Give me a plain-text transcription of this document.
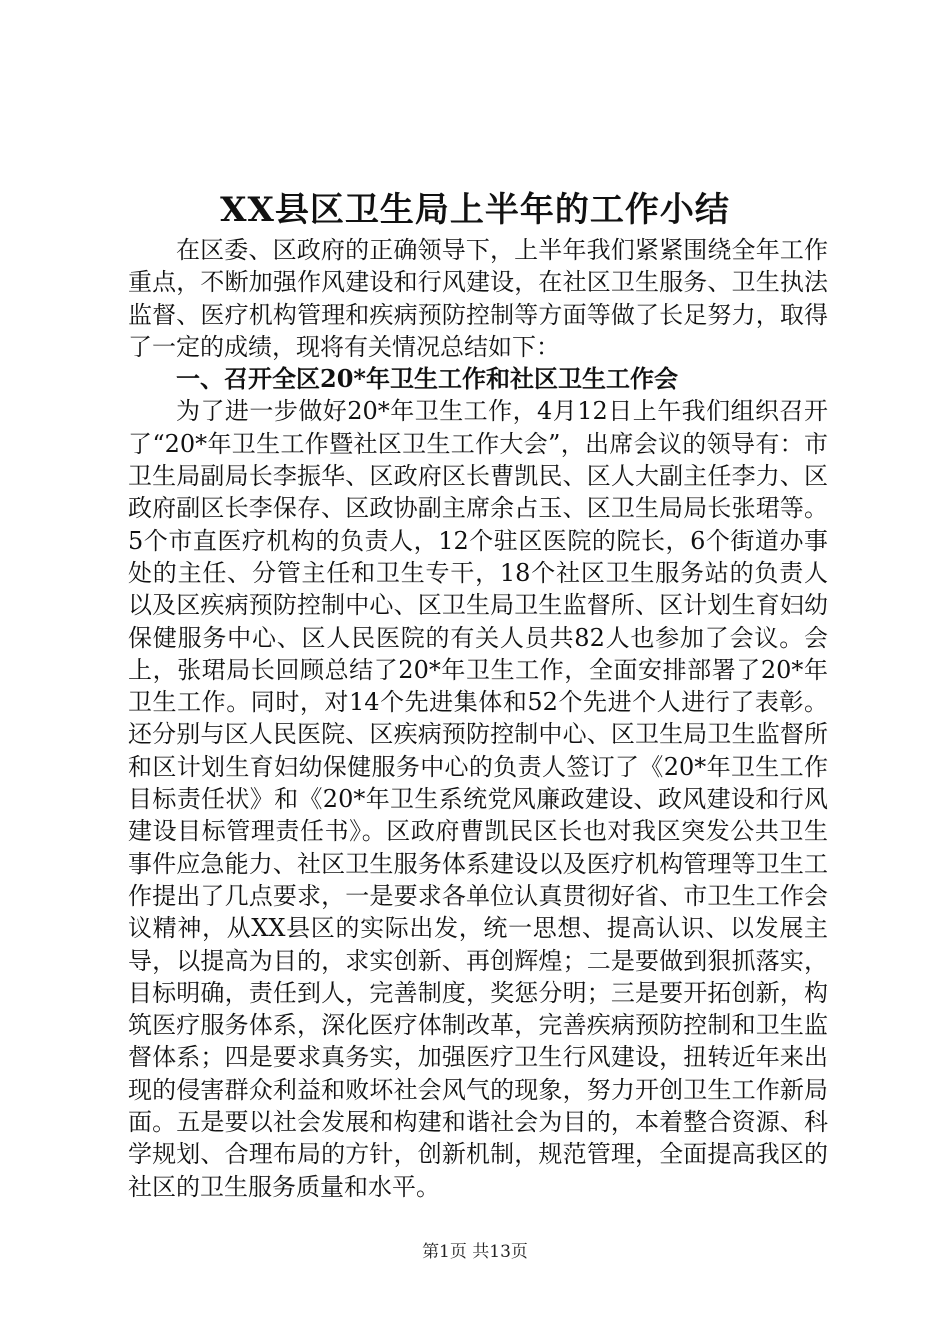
XX县区卫生局上半年的工作小结

在区委、区政府的正确领导下，上半年我们紧紧围绕全年工作重点，不断加强作风建设和行风建设，在社区卫生服务、卫生执法监督、医疗机构管理和疾病预防控制等方面等做了长足努力，取得了一定的成绩，现将有关情况总结如下：

一、召开全区20*年卫生工作和社区卫生工作会

为了进一步做好20*年卫生工作，4月12日上午我们组织召开了“20*年卫生工作暨社区卫生工作大会”，出席会议的领导有：市卫生局副局长李振华、区政府区长曹凯民、区人大副主任李力、区政府副区长李保存、区政协副主席余占玉、区卫生局局长张珺等。5个市直医疗机构的负责人，12个驻区医院的院长，6个街道办事处的主任、分管主任和卫生专干，18个社区卫生服务站的负责人以及区疾病预防控制中心、区卫生局卫生监督所、区计划生育妇幼保健服务中心、区人民医院的有关人员共82人也参加了会议。会上，张珺局长回顾总结了20*年卫生工作，全面安排部署了20*年卫生工作。同时，对14个先进集体和52个先进个人进行了表彰。还分别与区人民医院、区疾病预防控制中心、区卫生局卫生监督所和区计划生育妇幼保健服务中心的负责人签订了《20*年卫生工作目标责任状》和《20*年卫生系统党风廉政建设、政风建设和行风建设目标管理责任书》。区政府曹凯民区长也对我区突发公共卫生事件应急能力、社区卫生服务体系建设以及医疗机构管理等卫生工作提出了几点要求，一是要求各单位认真贯彻好省、市卫生工作会议精神，从XX县区的实际出发，统一思想、提高认识、以发展主导，以提高为目的，求实创新、再创辉煌；二是要做到狠抓落实，目标明确，责任到人，完善制度，奖惩分明；三是要开拓创新，构筑医疗服务体系，深化医疗体制改革，完善疾病预防控制和卫生监督体系；四是要求真务实，加强医疗卫生行风建设，扭转近年来出现的侵害群众利益和败坏社会风气的现象，努力开创卫生工作新局面。五是要以社会发展和构建和谐社会为目的，本着整合资源、科学规划、合理布局的方针，创新机制，规范管理，全面提高我区的社区的卫生服务质量和水平。

第1页 共13页
